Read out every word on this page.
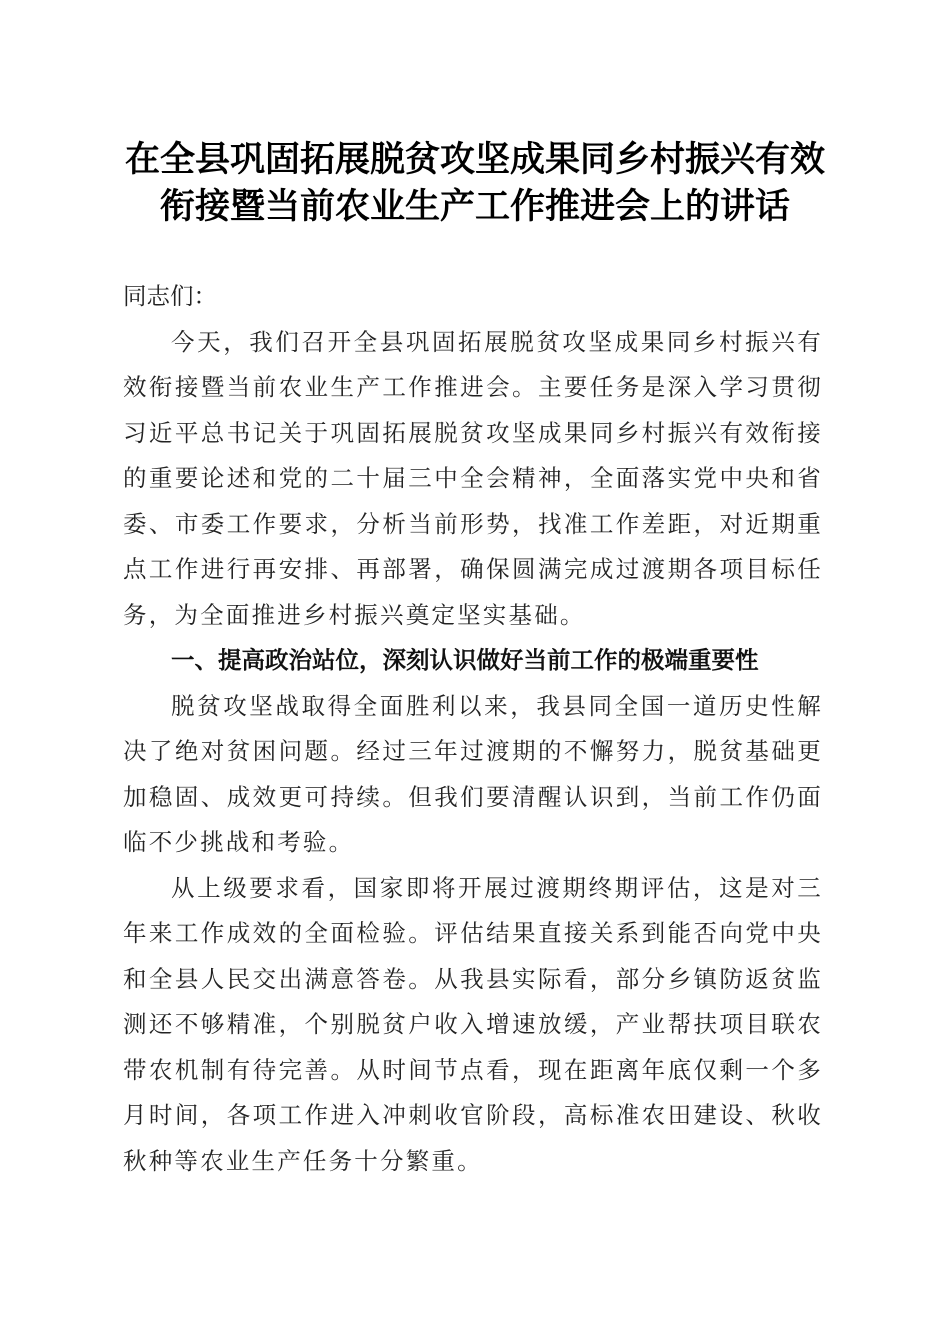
在全县巩固拓展脱贫攻坚成果同乡村振兴有效
衔接暨当前农业生产工作推进会上的讲话

同志们：

今天，我们召开全县巩固拓展脱贫攻坚成果同乡村振兴有效衔接暨当前农业生产工作推进会。主要任务是深入学习贯彻习近平总书记关于巩固拓展脱贫攻坚成果同乡村振兴有效衔接的重要论述和党的二十届三中全会精神，全面落实党中央和省委、市委工作要求，分析当前形势，找准工作差距，对近期重点工作进行再安排、再部署，确保圆满完成过渡期各项目标任务，为全面推进乡村振兴奠定坚实基础。

一、提高政治站位，深刻认识做好当前工作的极端重要性

脱贫攻坚战取得全面胜利以来，我县同全国一道历史性解决了绝对贫困问题。经过三年过渡期的不懈努力，脱贫基础更加稳固、成效更可持续。但我们要清醒认识到，当前工作仍面临不少挑战和考验。

从上级要求看，国家即将开展过渡期终期评估，这是对三年来工作成效的全面检验。评估结果直接关系到能否向党中央和全县人民交出满意答卷。从我县实际看，部分乡镇防返贫监测还不够精准，个别脱贫户收入增速放缓，产业帮扶项目联农带农机制有待完善。从时间节点看，现在距离年底仅剩一个多月时间，各项工作进入冲刺收官阶段，高标准农田建设、秋收秋种等农业生产任务十分繁重。
